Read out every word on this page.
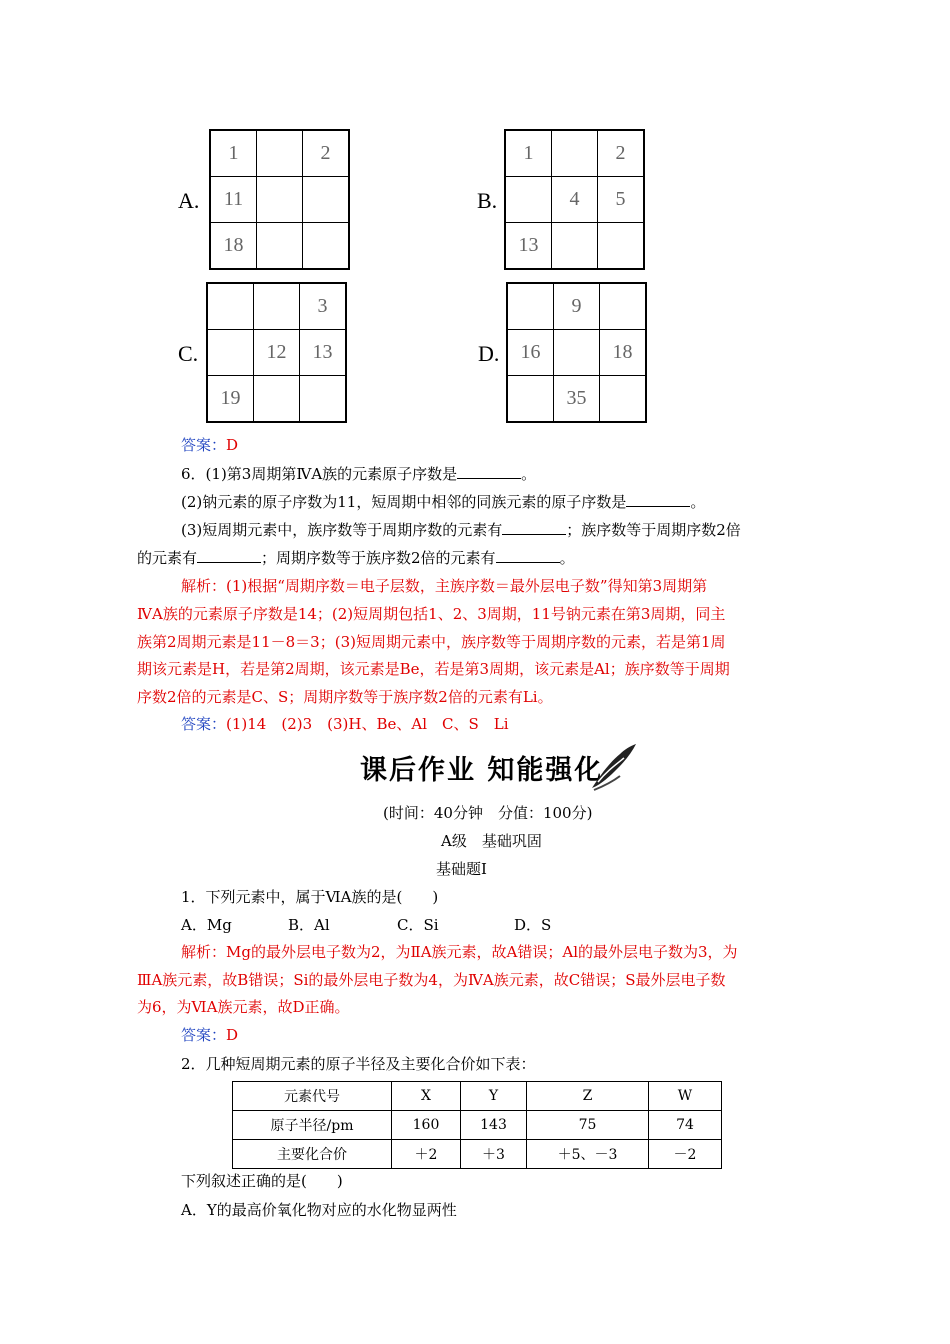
A.
1		2
11		
18		
B.
1		2
	4	5
13		
C.
		3
	12	13
19		
D.
	9	
16		18
	35	
答案：D
6．(1)第3周期第ⅣA族的元素原子序数是	。
(2)钠元素的原子序数为11，短周期中相邻的同族元素的原子序数是	。
(3)短周期元素中，族序数等于周期序数的元素有	；族序数等于周期序数2倍
的元素有	；周期序数等于族序数2倍的元素有	。
解析：(1)根据“周期序数＝电子层数，主族序数＝最外层电子数”得知第3周期第
ⅣA族的元素原子序数是14；(2)短周期包括1、2、3周期，11号钠元素在第3周期，同主
族第2周期元素是11－8＝3；(3)短周期元素中，族序数等于周期序数的元素，若是第1周
期该元素是H，若是第2周期，该元素是Be，若是第3周期，该元素是Al；族序数等于周期
序数2倍的元素是C、S；周期序数等于族序数2倍的元素有Li。
答案：(1)14　(2)3　(3)H、Be、Al　C、S　Li
课后作业 知能强化
(时间：40分钟　分值：100分)
A级　基础巩固
基础题Ⅰ
1．下列元素中，属于ⅥA族的是(　　)
A．Mg	B．Al	C．Si	D．S
解析：Mg的最外层电子数为2，为ⅡA族元素，故A错误；Al的最外层电子数为3，为
ⅢA族元素，故B错误；Si的最外层电子数为4，为ⅣA族元素，故C错误；S最外层电子数
为6，为ⅥA族元素，故D正确。
答案：D
2．几种短周期元素的原子半径及主要化合价如下表：
元素代号	X	Y	Z	W
原子半径/pm	160	143	75	74
主要化合价	＋2	＋3	＋5、－3	－2
下列叙述正确的是(　　)
A．Y的最高价氧化物对应的水化物显两性
